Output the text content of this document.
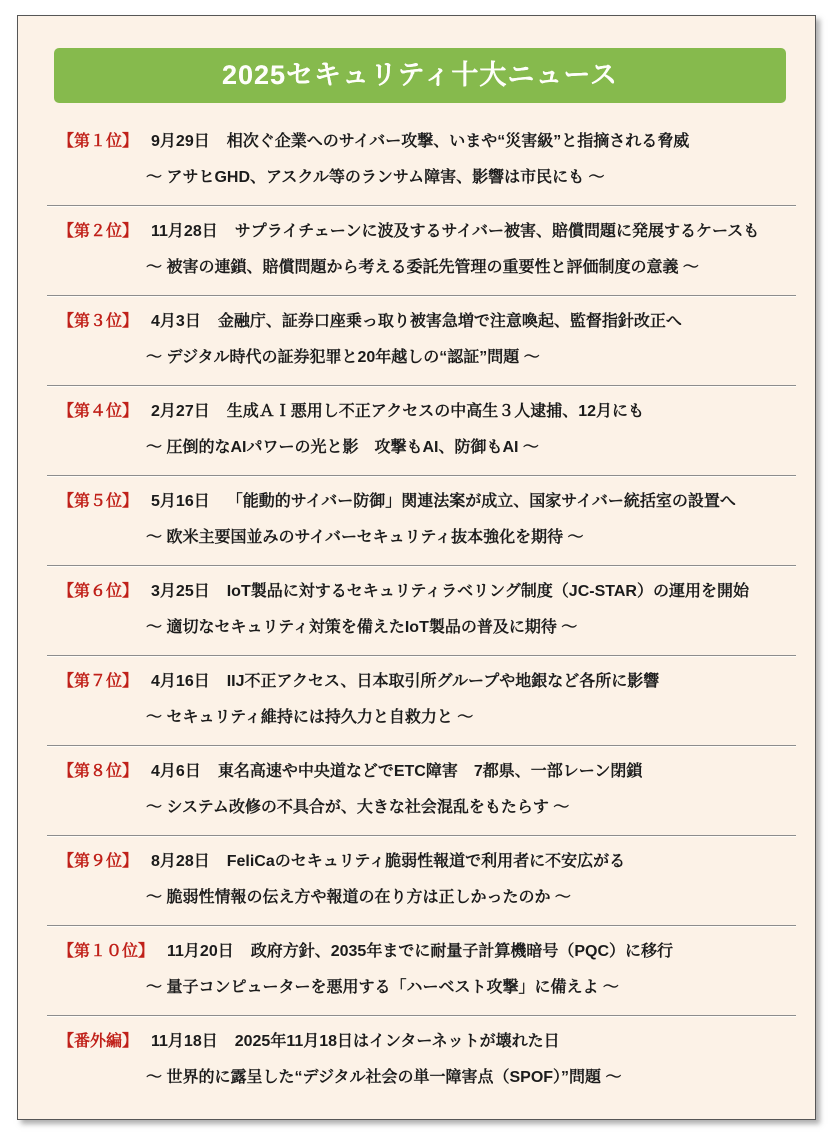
2025セキュリティ十大ニュース
【第１位】 9月29日 相次ぐ企業へのサイバー攻撃、いまや“災害級”と指摘される脅威
～ アサヒGHD、アスクル等のランサム障害、影響は市民にも ～
【第２位】 11月28日 サプライチェーンに波及するサイバー被害、賠償問題に発展するケースも
～ 被害の連鎖、賠償問題から考える委託先管理の重要性と評価制度の意義 ～
【第３位】 4月3日 金融庁、証券口座乗っ取り被害急増で注意喚起、監督指針改正へ
～ デジタル時代の証券犯罪と20年越しの“認証”問題 ～
【第４位】 2月27日 生成ＡＩ悪用し不正アクセスの中高生３人逮捕、12月にも
～ 圧倒的なAIパワーの光と影　攻撃もAI、防御もAI ～
【第５位】 5月16日 「能動的サイバー防御」関連法案が成立、国家サイバー統括室の設置へ
～ 欧米主要国並みのサイバーセキュリティ抜本強化を期待 ～
【第６位】 3月25日 IoT製品に対するセキュリティラベリング制度（JC-STAR）の運用を開始
～ 適切なセキュリティ対策を備えたIoT製品の普及に期待 ～
【第７位】 4月16日 IIJ不正アクセス、日本取引所グループや地銀など各所に影響
～ セキュリティ維持には持久力と自救力と ～
【第８位】 4月6日 東名高速や中央道などでETC障害　7都県、一部レーン閉鎖
～ システム改修の不具合が、大きな社会混乱をもたらす ～
【第９位】 8月28日 FeliCaのセキュリティ脆弱性報道で利用者に不安広がる
～ 脆弱性情報の伝え方や報道の在り方は正しかったのか ～
【第１０位】 11月20日 政府方針、2035年までに耐量子計算機暗号（PQC）に移行
～ 量子コンピューターを悪用する「ハーベスト攻撃」に備えよ ～
【番外編】 11月18日 2025年11月18日はインターネットが壊れた日
～ 世界的に露呈した“デジタル社会の単一障害点（SPOF）”問題 ～
